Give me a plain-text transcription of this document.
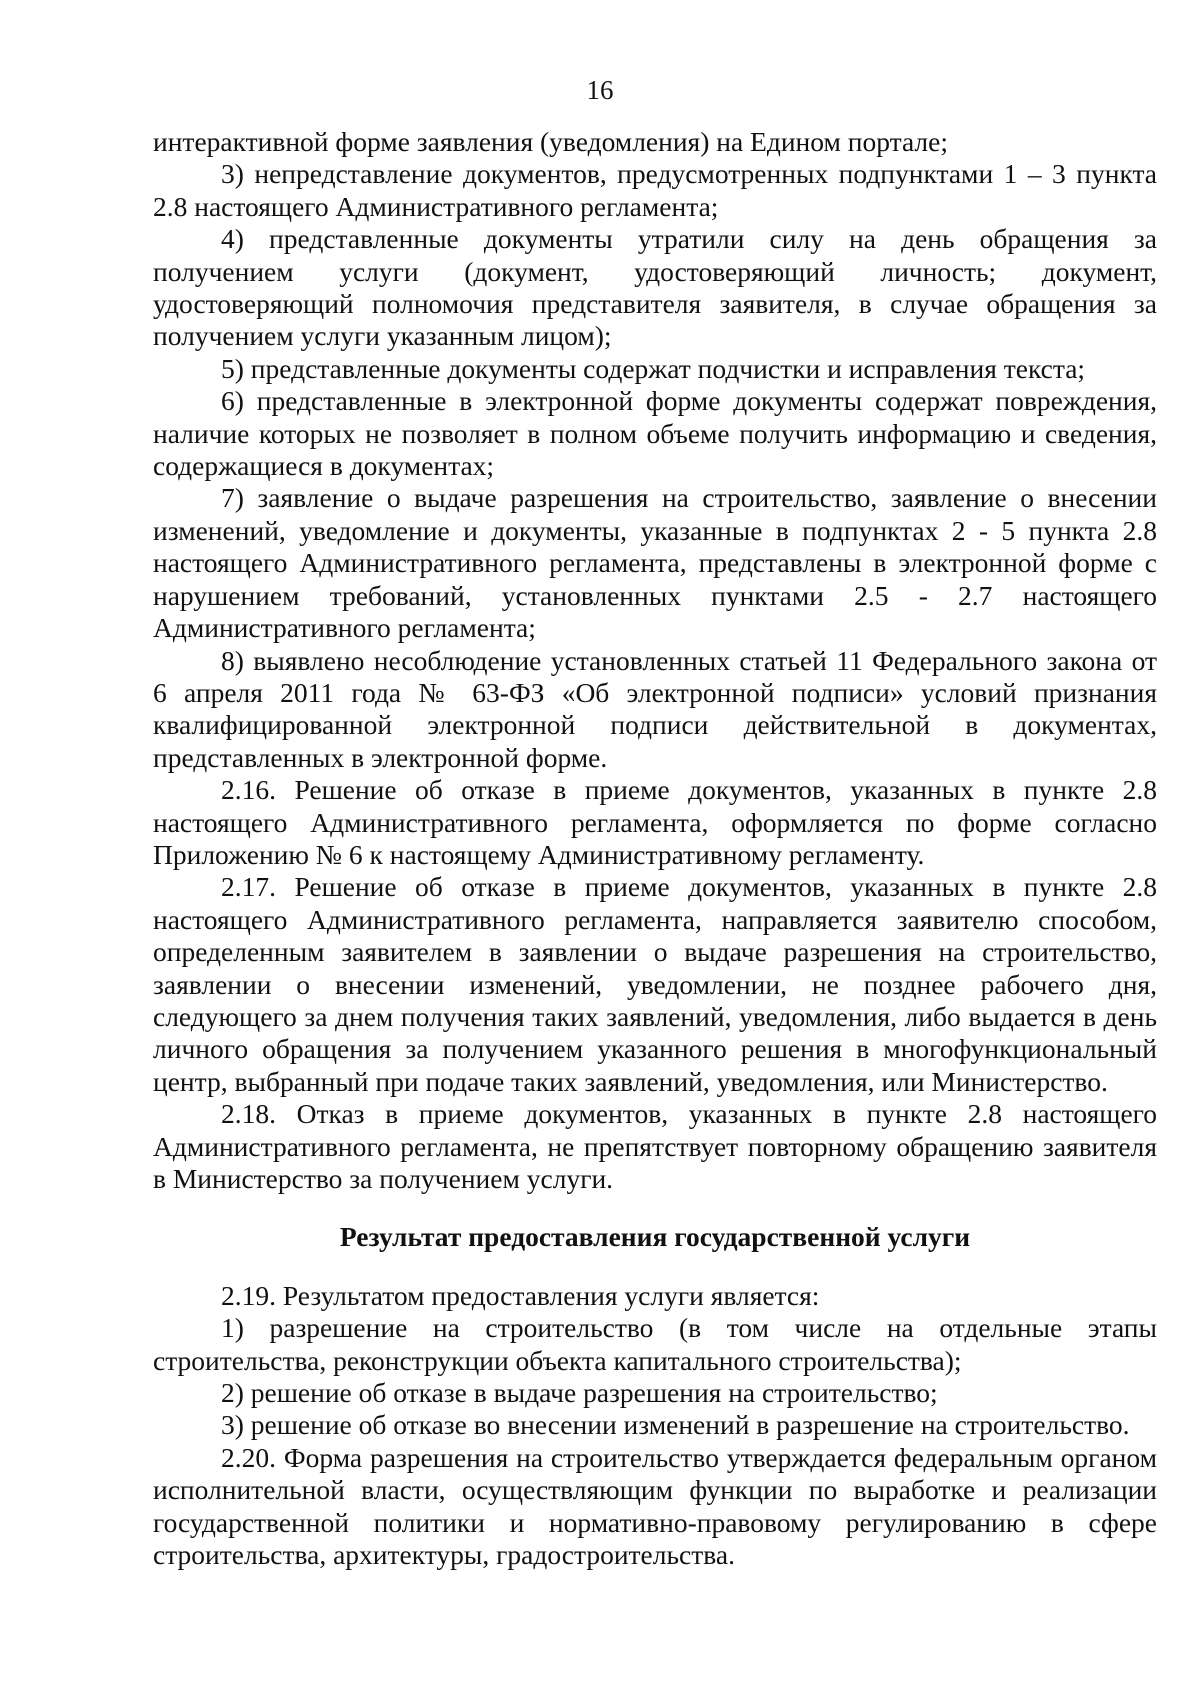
16

интерактивной форме заявления (уведомления) на Едином портале;

3) непредставление документов, предусмотренных подпунктами 1 – 3 пункта 2.8 настоящего Административного регламента;

4) представленные документы утратили силу на день обращения за получением услуги (документ, удостоверяющий личность; документ, удостоверяющий полномочия представителя заявителя, в случае обращения за получением услуги указанным лицом);

5) представленные документы содержат подчистки и исправления текста;

6) представленные в электронной форме документы содержат повреждения, наличие которых не позволяет в полном объеме получить информацию и сведения, содержащиеся в документах;

7) заявление о выдаче разрешения на строительство, заявление о внесении изменений, уведомление и документы, указанные в подпунктах 2 - 5 пункта 2.8 настоящего Административного регламента, представлены в электронной форме с нарушением требований, установленных пунктами 2.5 - 2.7 настоящего Административного регламента;

8) выявлено несоблюдение установленных статьей 11 Федерального закона от 6 апреля 2011 года № 63-ФЗ «Об электронной подписи» условий признания квалифицированной электронной подписи действительной в документах, представленных в электронной форме.

2.16. Решение об отказе в приеме документов, указанных в пункте 2.8 настоящего Административного регламента, оформляется по форме согласно Приложению № 6 к настоящему Административному регламенту.

2.17. Решение об отказе в приеме документов, указанных в пункте 2.8 настоящего Административного регламента, направляется заявителю способом, определенным заявителем в заявлении о выдаче разрешения на строительство, заявлении о внесении изменений, уведомлении, не позднее рабочего дня, следующего за днем получения таких заявлений, уведомления, либо выдается в день личного обращения за получением указанного решения в многофункциональный центр, выбранный при подаче таких заявлений, уведомления, или Министерство.

2.18. Отказ в приеме документов, указанных в пункте 2.8 настоящего Административного регламента, не препятствует повторному обращению заявителя в Министерство за получением услуги.

Результат предоставления государственной услуги

2.19. Результатом предоставления услуги является:

1) разрешение на строительство (в том числе на отдельные этапы строительства, реконструкции объекта капитального строительства);

2) решение об отказе в выдаче разрешения на строительство;

3) решение об отказе во внесении изменений в разрешение на строительство.

2.20. Форма разрешения на строительство утверждается федеральным органом исполнительной власти, осуществляющим функции по выработке и реализации государственной политики и нормативно-правовому регулированию в сфере строительства, архитектуры, градостроительства.
